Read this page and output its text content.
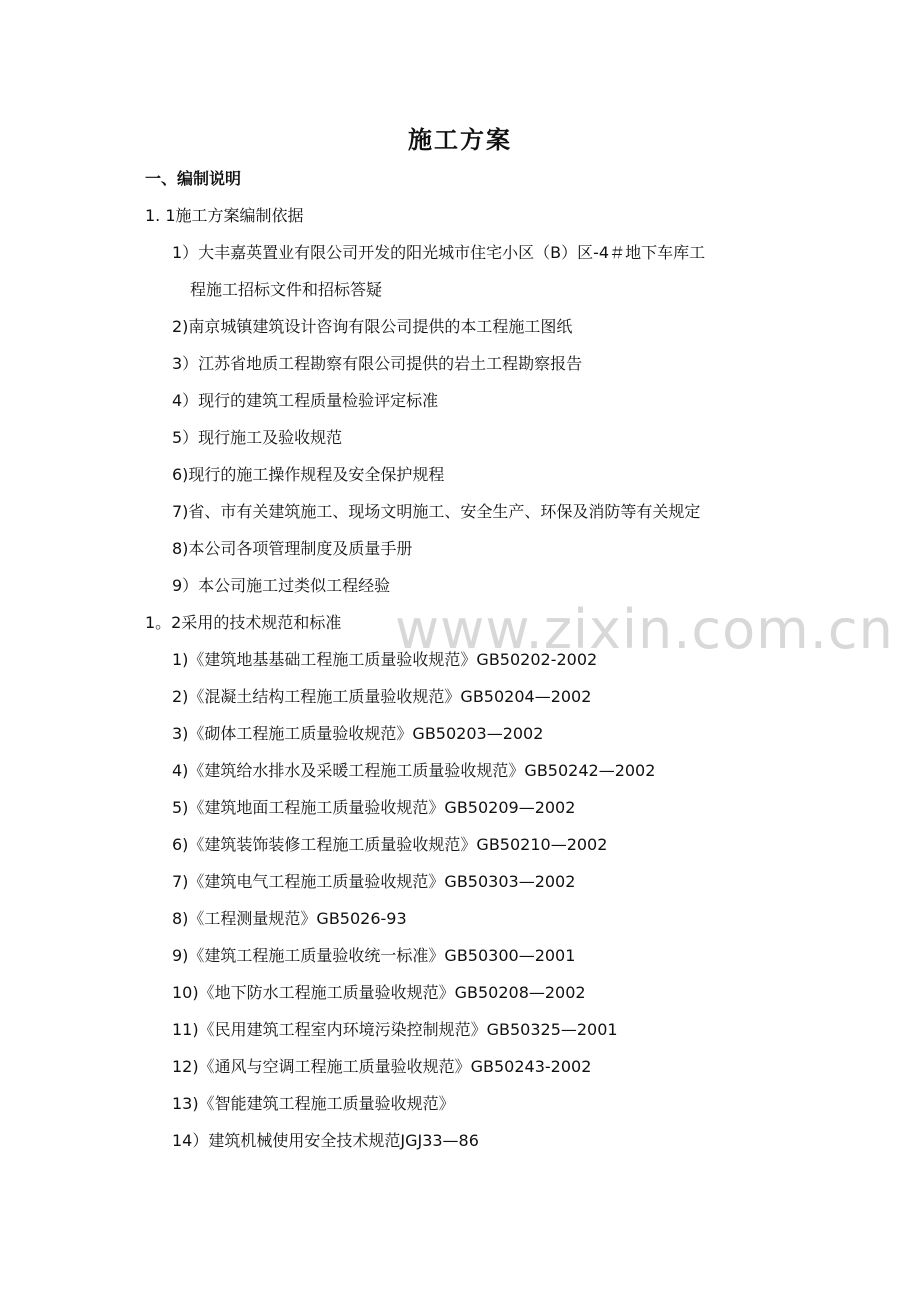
www.zixin.com.cn
施工方案
一、编制说明
1. 1施工方案编制依据
1）大丰嘉英置业有限公司开发的阳光城市住宅小区（B）区-4＃地下车库工
程施工招标文件和招标答疑
2)南京城镇建筑设计咨询有限公司提供的本工程施工图纸
3）江苏省地质工程勘察有限公司提供的岩土工程勘察报告
4）现行的建筑工程质量检验评定标准
5）现行施工及验收规范
6)现行的施工操作规程及安全保护规程
7)省、市有关建筑施工、现场文明施工、安全生产、环保及消防等有关规定
8)本公司各项管理制度及质量手册
9）本公司施工过类似工程经验
1。2采用的技术规范和标准
1)《建筑地基基础工程施工质量验收规范》GB50202-2002
2)《混凝土结构工程施工质量验收规范》GB50204—2002
3)《砌体工程施工质量验收规范》GB50203—2002
4)《建筑给水排水及采暖工程施工质量验收规范》GB50242—2002
5)《建筑地面工程施工质量验收规范》GB50209—2002
6)《建筑装饰装修工程施工质量验收规范》GB50210—2002
7)《建筑电气工程施工质量验收规范》GB50303—2002
8)《工程测量规范》GB5026-93
9)《建筑工程施工质量验收统一标准》GB50300—2001
10)《地下防水工程施工质量验收规范》GB50208—2002
11)《民用建筑工程室内环境污染控制规范》GB50325—2001
12)《通风与空调工程施工质量验收规范》GB50243-2002
13)《智能建筑工程施工质量验收规范》
14）建筑机械使用安全技术规范JGJ33—86
